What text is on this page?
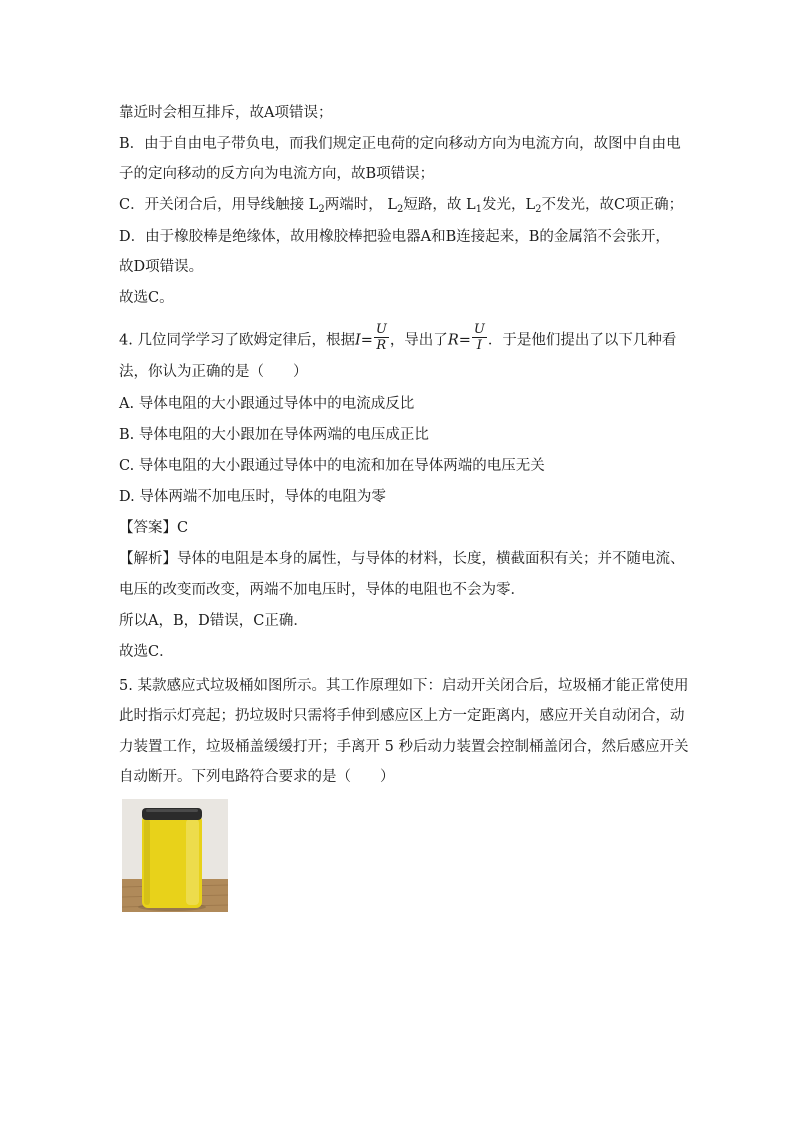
靠近时会相互排斥，故A项错误；
B．由于自由电子带负电，而我们规定正电荷的定向移动方向为电流方向，故图中自由电
子的定向移动的反方向为电流方向，故B项错误；
C．开关闭合后，用导线触接 $L_2$两端时， $L_2$短路，故 $L_1$发光，$L_2$不发光，故C项正确；
D．由于橡胶棒是绝缘体，故用橡胶棒把验电器A和B连接起来，B的金属箔不会张开，
故D项错误。
故选C。
4. 几位同学学习了欧姆定律后，根据$I= \frac{U}{R}$ ，导出了$R= \frac{U}{I}$ ．于是他们提出了以下几种看
法，你认为正确的是（　　）
A. 导体电阻的大小跟通过导体中的电流成反比
B. 导体电阻的大小跟加在导体两端的电压成正比
C. 导体电阻的大小跟通过导体中的电流和加在导体两端的电压无关
D. 导体两端不加电压时，导体的电阻为零
【答案】C
【解析】导体的电阻是本身的属性，与导体的材料，长度，横截面积有关；并不随电流、
电压的改变而改变，两端不加电压时，导体的电阻也不会为零．
所以A，B，D错误，C正确．
故选C．
5. 某款感应式垃圾桶如图所示。其工作原理如下：启动开关闭合后，垃圾桶才能正常使用
此时指示灯亮起；扔垃圾时只需将手伸到感应区上方一定距离内，感应开关自动闭合，动
力装置工作，垃圾桶盖缓缓打开；手离开 5 秒后动力装置会控制桶盖闭合，然后感应开关
自动断开。下列电路符合要求的是（　　）
